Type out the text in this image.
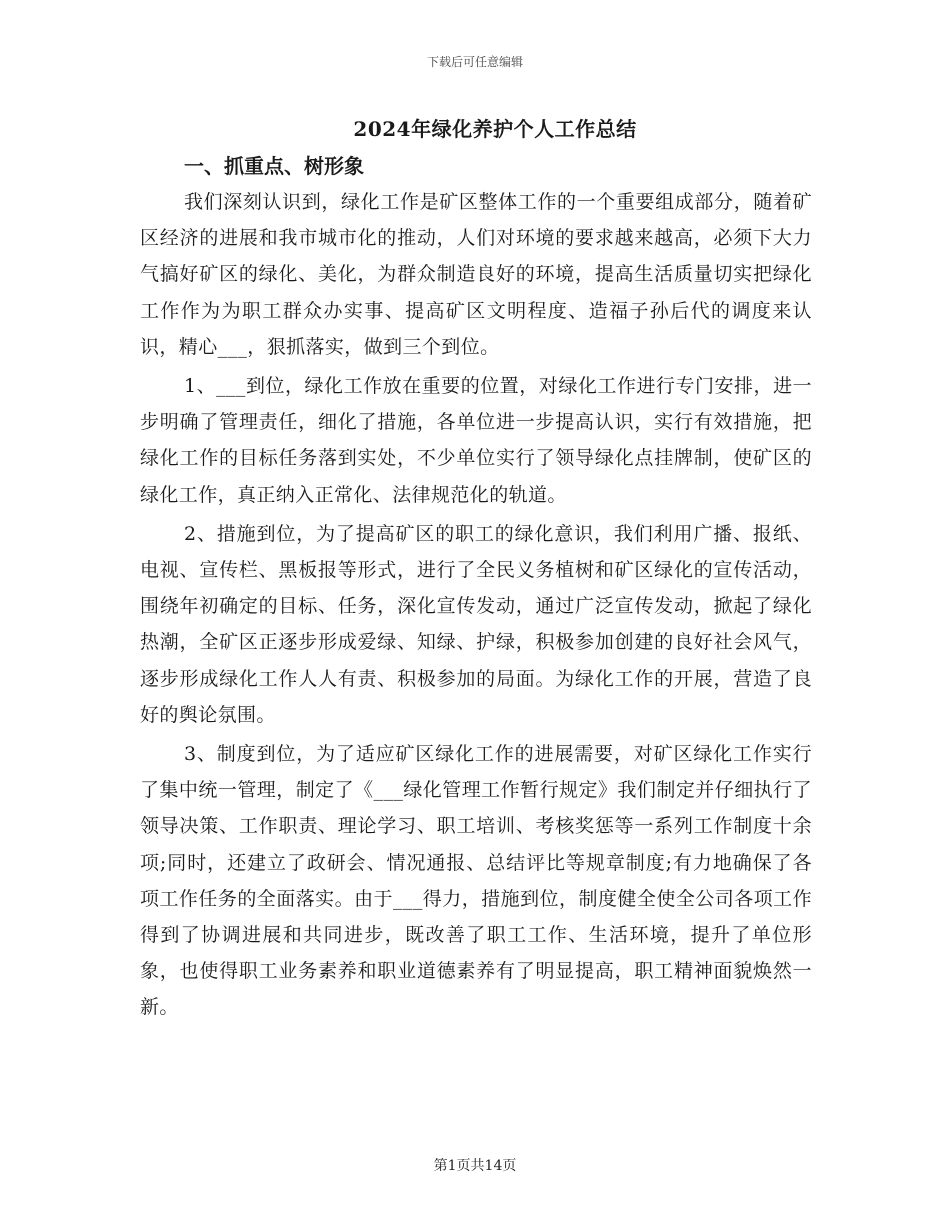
下载后可任意编辑
2024年绿化养护个人工作总结
一、抓重点、树形象

我们深刻认识到，绿化工作是矿区整体工作的一个重要组成部分，随着矿区经济的进展和我市城市化的推动，人们对环境的要求越来越高，必须下大力气搞好矿区的绿化、美化，为群众制造良好的环境，提高生活质量切实把绿化工作作为为职工群众办实事、提高矿区文明程度、造福子孙后代的调度来认识，精心___，狠抓落实，做到三个到位。

1、___到位，绿化工作放在重要的位置，对绿化工作进行专门安排，进一步明确了管理责任，细化了措施，各单位进一步提高认识，实行有效措施，把绿化工作的目标任务落到实处，不少单位实行了领导绿化点挂牌制，使矿区的绿化工作，真正纳入正常化、法律规范化的轨道。

2、措施到位，为了提高矿区的职工的绿化意识，我们利用广播、报纸、电视、宣传栏、黑板报等形式，进行了全民义务植树和矿区绿化的宣传活动，围绕年初确定的目标、任务，深化宣传发动，通过广泛宣传发动，掀起了绿化热潮，全矿区正逐步形成爱绿、知绿、护绿，积极参加创建的良好社会风气，逐步形成绿化工作人人有责、积极参加的局面。为绿化工作的开展，营造了良好的舆论氛围。

3、制度到位，为了适应矿区绿化工作的进展需要，对矿区绿化工作实行了集中统一管理，制定了《___绿化管理工作暂行规定》我们制定并仔细执行了领导决策、工作职责、理论学习、职工培训、考核奖惩等一系列工作制度十余项;同时，还建立了政研会、情况通报、总结评比等规章制度;有力地确保了各项工作任务的全面落实。由于___得力，措施到位，制度健全使全公司各项工作得到了协调进展和共同进步，既改善了职工工作、生活环境，提升了单位形象，也使得职工业务素养和职业道德素养有了明显提高，职工精神面貌焕然一新。

第1页共14页
